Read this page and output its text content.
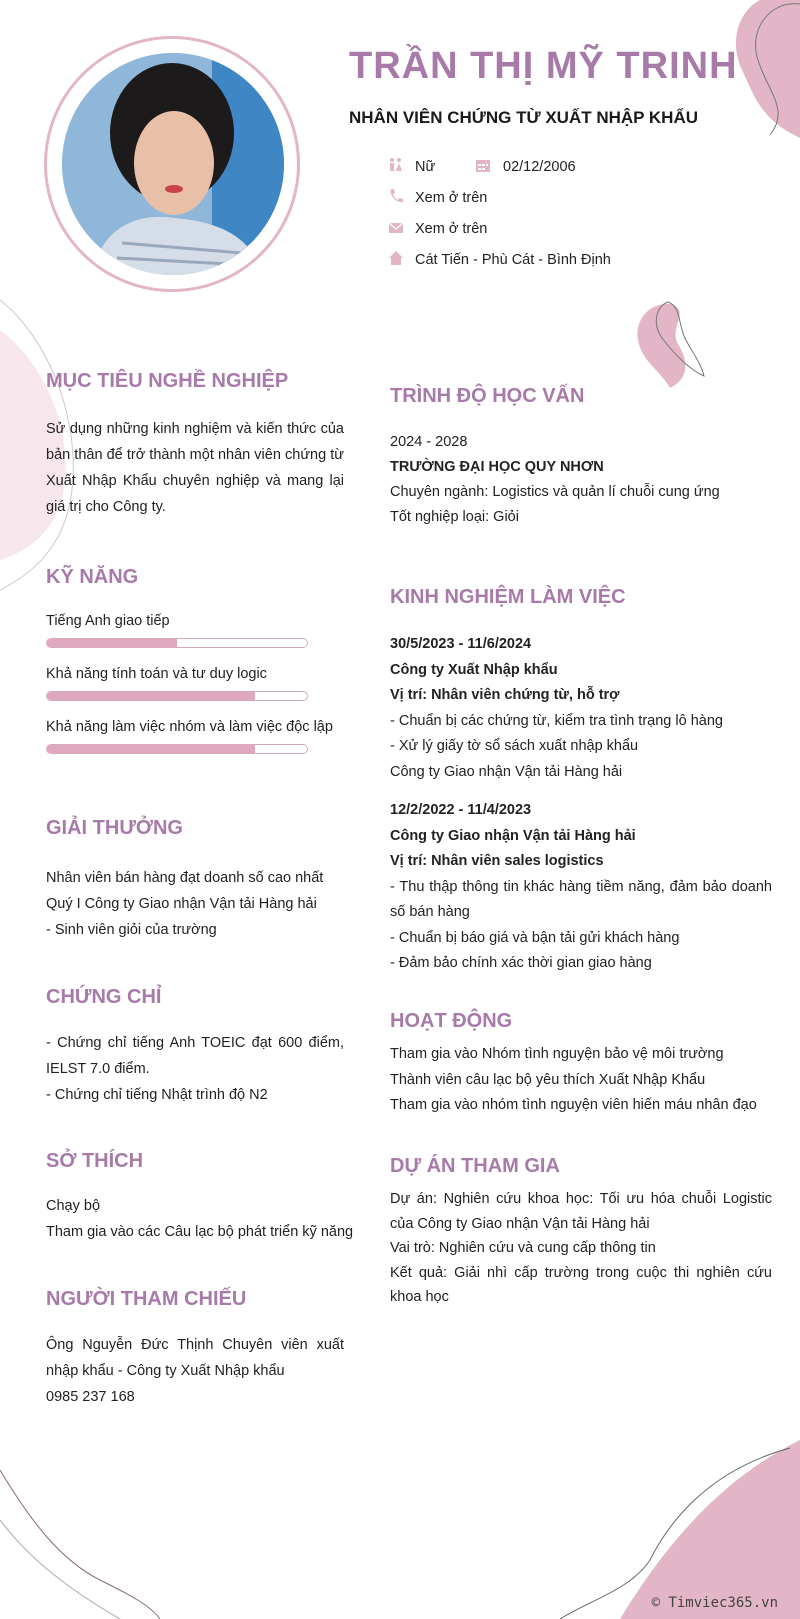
TRẦN THỊ MỸ TRINH
NHÂN VIÊN CHỨNG TỪ XUẤT NHẬP KHẨU
Nữ	02/12/2006
Xem ở trên
Xem ở trên
Cát Tiến - Phù Cát - Bình Định
MỤC TIÊU NGHỀ NGHIỆP
Sử dụng những kinh nghiệm và kiến thức của bản thân để trở thành một nhân viên chứng từ Xuất Nhập Khẩu chuyên nghiệp và mang lại giá trị cho Công ty.
KỸ NĂNG
Tiếng Anh giao tiếp
Khả năng tính toán và tư duy logic
Khả năng làm việc nhóm và làm việc độc lập
GIẢI THƯỞNG
Nhân viên bán hàng đạt doanh số cao nhất Quý I Công ty Giao nhận Vận tải Hàng hải
- Sinh viên giỏi của trường
CHỨNG CHỈ
- Chứng chỉ tiếng Anh TOEIC đạt 600 điểm, IELST 7.0 điểm.
- Chứng chỉ tiếng Nhật trình độ N2
SỞ THÍCH
Chạy bộ
Tham gia vào các Câu lạc bộ phát triển kỹ năng
NGƯỜI THAM CHIẾU
Ông Nguyễn Đức Thịnh Chuyên viên xuất nhập khẩu - Công ty Xuất Nhập khẩu
0985 237 168
TRÌNH ĐỘ HỌC VẤN
2024 - 2028
TRƯỜNG ĐẠI HỌC QUY NHƠN
Chuyên ngành: Logistics và quản lí chuỗi cung ứng
Tốt nghiệp loại: Giỏi
KINH NGHIỆM LÀM VIỆC
30/5/2023 - 11/6/2024
Công ty Xuất Nhập khẩu
Vị trí: Nhân viên chứng từ, hỗ trợ
- Chuẩn bị các chứng từ, kiểm tra tình trạng lô hàng
- Xử lý giấy tờ sổ sách xuất nhập khẩu
Công ty Giao nhận Vận tải Hàng hải
12/2/2022 - 11/4/2023
Công ty Giao nhận Vận tải Hàng hải
Vị trí: Nhân viên sales logistics
- Thu thập thông tin khác hàng tiềm năng, đảm bảo doanh số bán hàng
- Chuẩn bị báo giá và bận tải gửi khách hàng
- Đảm bảo chính xác thời gian giao hàng
HOẠT ĐỘNG
Tham gia vào Nhóm tình nguyện bảo vệ môi trường
Thành viên câu lạc bộ yêu thích Xuất Nhập Khẩu
Tham gia vào nhóm tình nguyện viên hiến máu nhân đạo
DỰ ÁN THAM GIA
Dự án: Nghiên cứu khoa học: Tối ưu hóa chuỗi Logistic của Công ty Giao nhận Vận tải Hàng hải
Vai trò: Nghiên cứu và cung cấp thông tin
Kết quả: Giải nhì cấp trường trong cuộc thi nghiên cứu khoa học
© Timviec365.vn
